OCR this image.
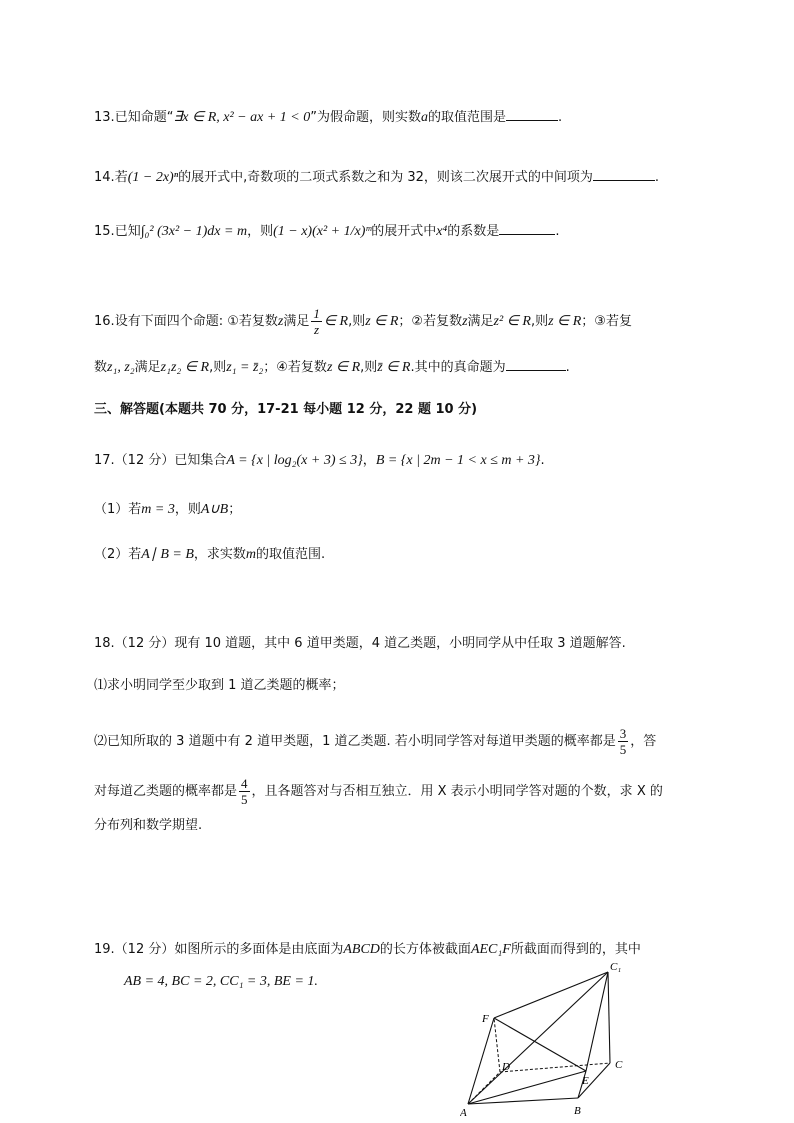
13.已知命题“∃x ∈ R, x² − ax + 1 < 0”为假命题，则实数a的取值范围是	.
14.若(1 − 2x)ⁿ的展开式中,奇数项的二项式系数之和为 32，则该二次展开式的中间项为	.
15.已知∫₀² (3x² − 1)dx = m，则(1 − x)(x² + 1/x)ᵐ的展开式中x⁴的系数是	.
16.设有下面四个命题: ①若复数z满足 $\frac{1}{z}$ ∈ R,则z ∈ R；②若复数z满足z² ∈ R,则z ∈ R；③若复
数z₁, z₂满足z₁z₂ ∈ R,则z₁ = z̄₂；④若复数z ∈ R,则z̄ ∈ R.其中的真命题为	.
三、解答题(本题共 70 分，17-21 每小题 12 分，22 题 10 分)
17.（12 分）已知集合A = {x | log₂(x + 3) ≤ 3}，B = {x | 2m − 1 < x ≤ m + 3}.
（1）若m = 3，则A∪B；
（2）若A∣ B = B，求实数m的取值范围.
18.（12 分）现有 10 道题，其中 6 道甲类题，4 道乙类题，小明同学从中任取 3 道题解答.
⑴求小明同学至少取到 1 道乙类题的概率；
⑵已知所取的 3 道题中有 2 道甲类题，1 道乙类题. 若小明同学答对每道甲类题的概率都是 $\frac{3}{5}$ ，答
对每道乙类题的概率都是 $\frac{4}{5}$ ，且各题答对与否相互独立．用 X 表示小明同学答对题的个数，求 X 的
分布列和数学期望.
19.（12 分）如图所示的多面体是由底面为ABCD的长方体被截面AEC₁F所截面而得到的，其中
AB = 4, BC = 2, CC₁ = 3, BE = 1.
A	B
C
C₁
D
E
F
